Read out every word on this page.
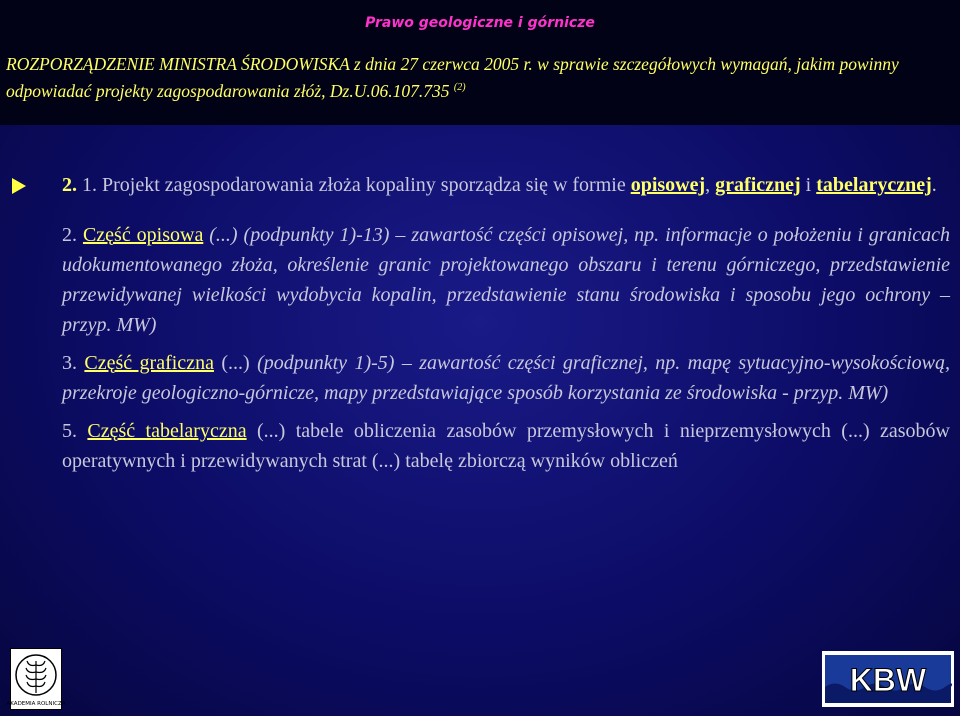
Prawo geologiczne i górnicze
ROZPORZĄDZENIE MINISTRA ŚRODOWISKA z dnia 27 czerwca 2005 r. w sprawie szczegółowych wymagań, jakim powinny odpowiadać projekty zagospodarowania złóż, Dz.U.06.107.735 $^{(2)}$

2. 1. Projekt zagospodarowania złoża kopaliny sporządza się w formie opisowej, graficznej i tabelarycznej.

2. Część opisowa (...) (podpunkty 1)-13) – zawartość części opisowej, np. informacje o położeniu i granicach udokumentowanego złoża, określenie granic projektowanego obszaru i terenu górniczego, przedstawienie przewidywanej wielkości wydobycia kopalin, przedstawienie stanu środowiska i sposobu jego ochrony – przyp. MW)

3. Część graficzna (...) (podpunkty 1)-5) – zawartość części graficznej, np. mapę sytuacyjno-wysokościową, przekroje geologiczno-górnicze, mapy przedstawiające sposób korzystania ze środowiska - przyp. MW)

5. Część tabelaryczna (...) tabele obliczenia zasobów przemysłowych i nieprzemysłowych (...) zasobów operatywnych i przewidywanych strat (...) tabelę zbiorczą wyników obliczeń

AKADEMIA ROLNICZA
KBW
